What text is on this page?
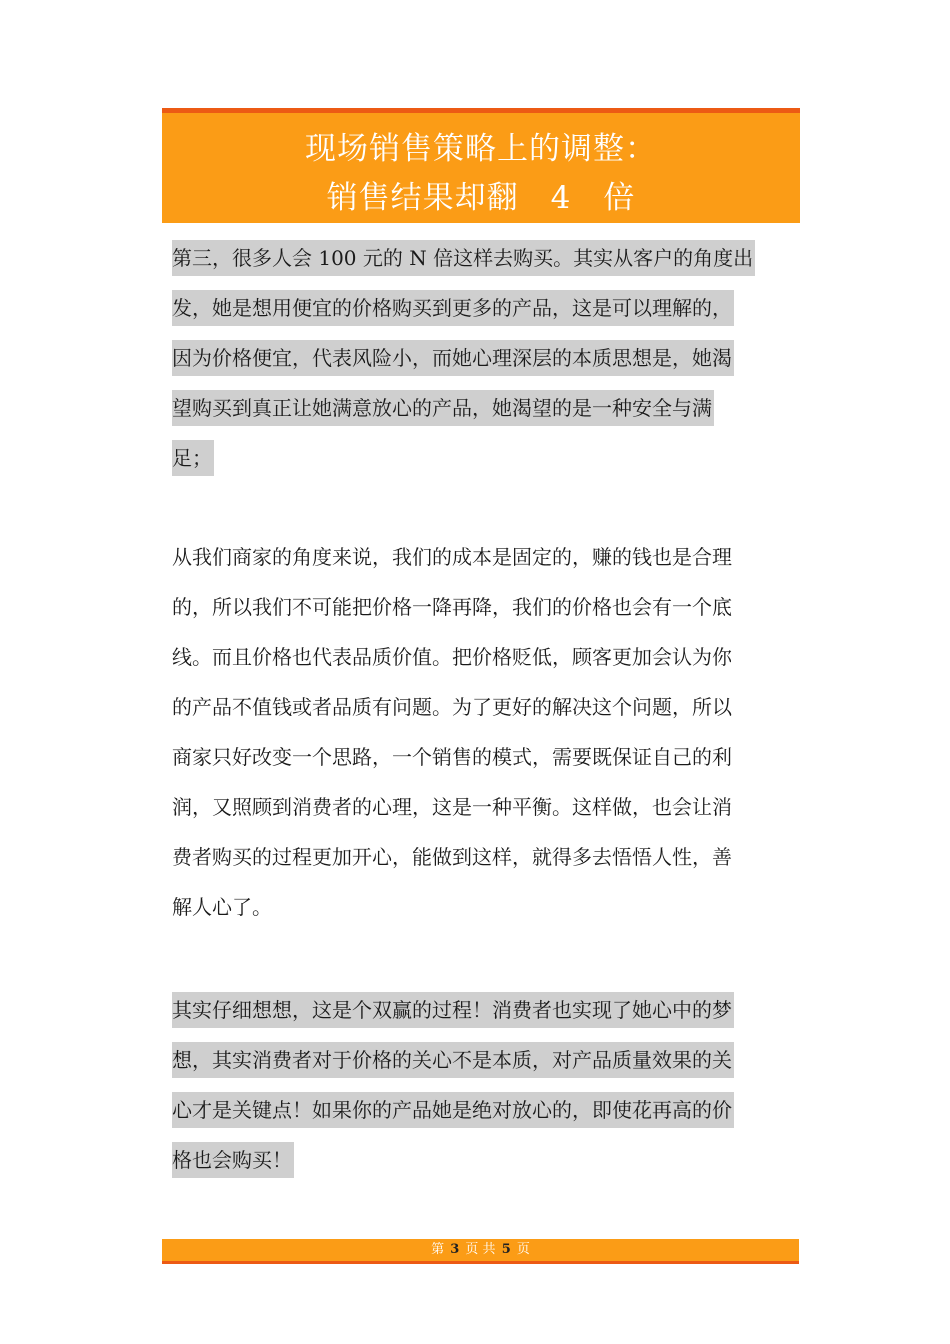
现场销售策略上的调整：
销售结果却翻　4　倍
第三，很多人会 100 元的 N 倍这样去购买。其实从客户的角度出
发，她是想用便宜的价格购买到更多的产品，这是可以理解的，
因为价格便宜，代表风险小，而她心理深层的本质思想是，她渴
望购买到真正让她满意放心的产品，她渴望的是一种安全与满
足；
从我们商家的角度来说，我们的成本是固定的，赚的钱也是合理
的，所以我们不可能把价格一降再降，我们的价格也会有一个底
线。而且价格也代表品质价值。把价格贬低，顾客更加会认为你
的产品不值钱或者品质有问题。为了更好的解决这个问题，所以
商家只好改变一个思路，一个销售的模式，需要既保证自己的利
润，又照顾到消费者的心理，这是一种平衡。这样做，也会让消
费者购买的过程更加开心，能做到这样，就得多去悟悟人性，善
解人心了。
其实仔细想想，这是个双赢的过程！消费者也实现了她心中的梦
想，其实消费者对于价格的关心不是本质，对产品质量效果的关
心才是关键点！如果你的产品她是绝对放心的，即使花再高的价
格也会购买！
第 3 页 共 5 页
